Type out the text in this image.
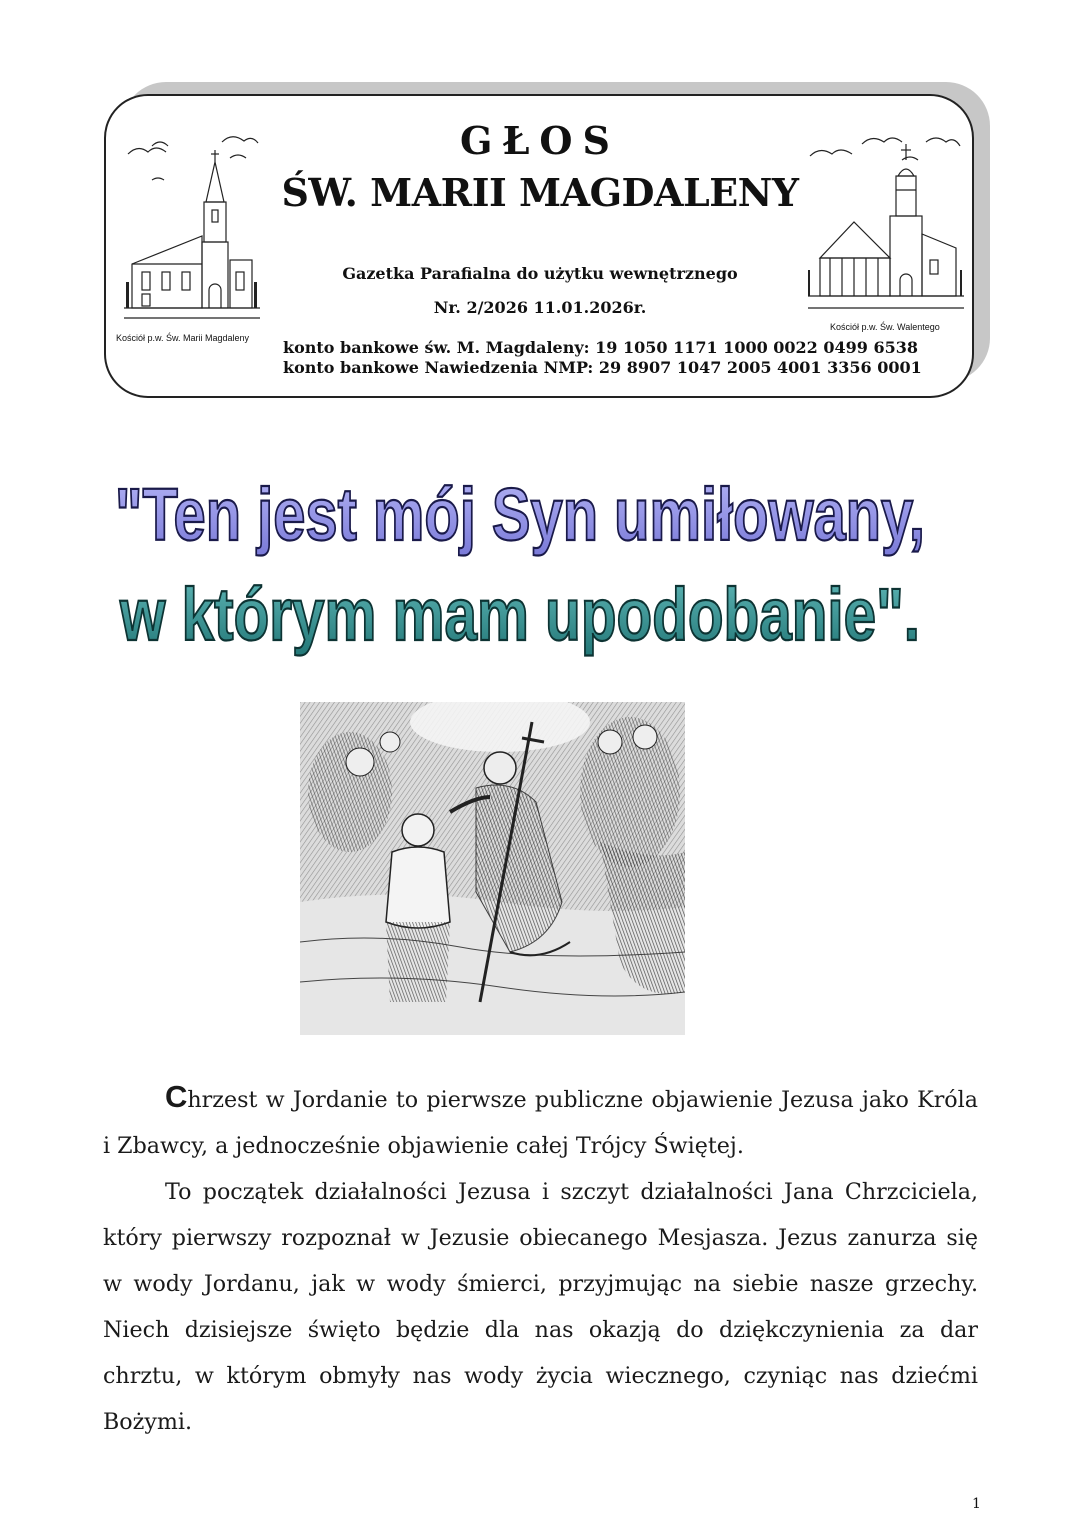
Kościół p.w. Św. Marii Magdaleny
Kościół p.w. Św. Walentego
GŁOS
ŚW. MARII MAGDALENY
Gazetka Parafialna do użytku wewnętrznego
Nr. 2/2026 11.01.2026r.
konto bankowe św. M. Magdaleny: 19 1050 1171 1000 0022 0499 6538
konto bankowe Nawiedzenia NMP: 29 8907 1047 2005 4001 3356 0001
"Ten jest mój Syn umiłowany,
w którym mam upodobanie".

Chrzest w Jordanie to pierwsze publiczne objawienie Jezusa jako Króla i Zbawcy, a jednocześnie objawienie całej Trójcy Świętej.

To początek działalności Jezusa i szczyt działalności Jana Chrzciciela, który pierwszy rozpoznał w Jezusie obiecanego Mesjasza. Jezus zanurza się w wody Jordanu, jak w wody śmierci, przyjmując na siebie nasze grzechy. Niech dzisiejsze święto będzie dla nas okazją do dziękczynienia za dar chrztu, w którym obmyły nas wody życia wiecznego, czyniąc nas dziećmi Bożymi.

1
